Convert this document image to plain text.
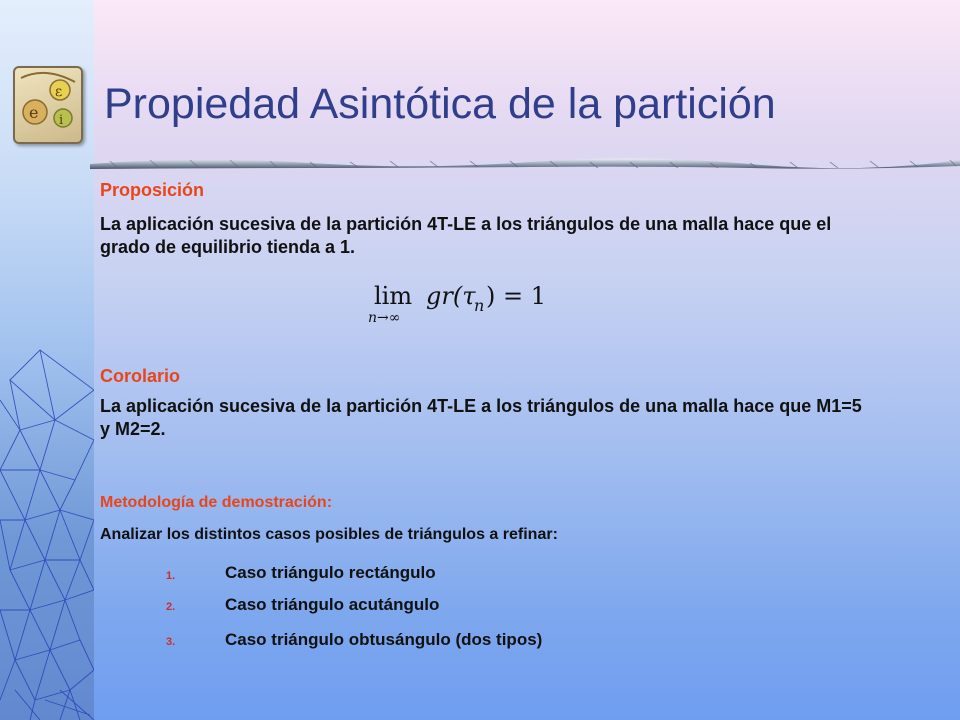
e
ε
i Propiedad Asintótica de la partición

Proposición

La aplicación sucesiva de la partición 4T-LE a los triángulos de una malla hace que el grado de equilibrio tienda a 1.

lim
n→∞
gr(τ
n ) = 1

Corolario

La aplicación sucesiva de la partición 4T-LE a los triángulos de una malla hace que M1=5 y M2=2.

Metodología de demostración:

Analizar los distintos casos posibles de triángulos a refinar:

1.	Caso triángulo rectángulo
2.	Caso triángulo acutángulo
3.	Caso triángulo obtusángulo (dos tipos)
